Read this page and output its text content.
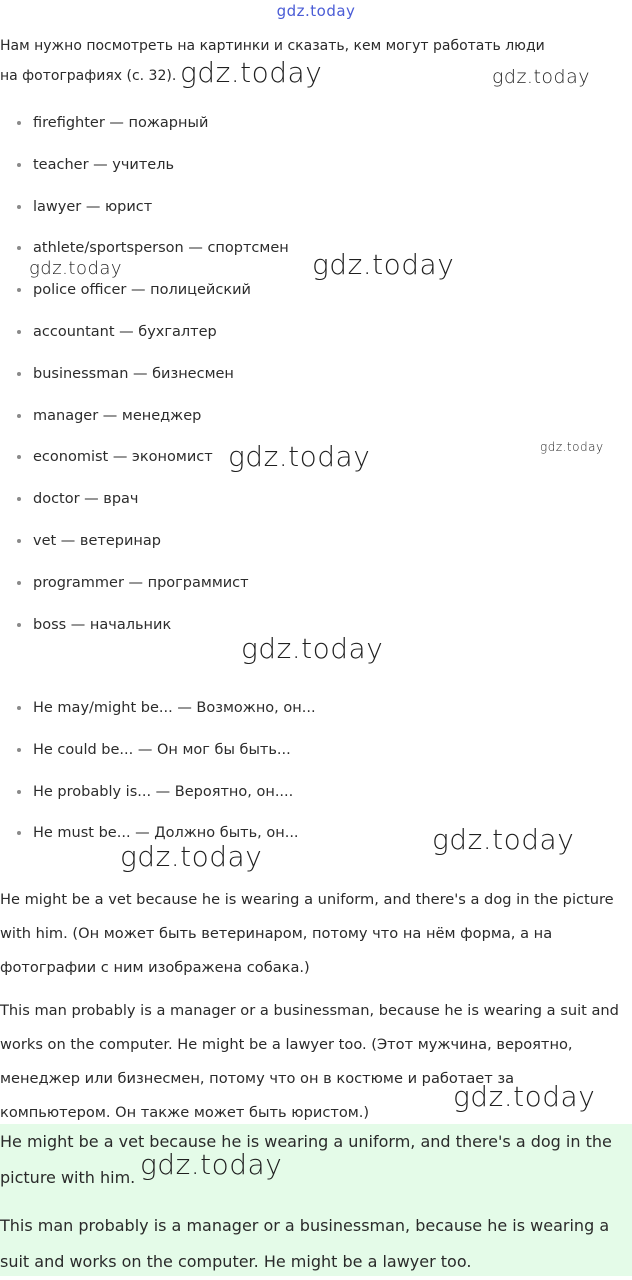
gdz.today
Нам нужно посмотреть на картинки и сказать, кем могут работать люди
на фотографиях (с. 32).
firefighter — пожарный
teacher — учитель
lawyer — юрист
athlete/sportsperson — спортсмен
police officer — полицейский
accountant — бухгалтер
businessman — бизнесмен
manager — менеджер
economist — экономист
doctor — врач
vet — ветеринар
programmer — программист
boss — начальник
He may/might be... — Возможно, он...
He could be... — Он мог бы быть...
He probably is... — Вероятно, он....
He must be... — Должно быть, он...

He might be a vet because he is wearing a uniform, and there's a dog in the picture with him. (Он может быть ветеринаром, потому что на нём форма, а на фотографии с ним изображена собака.)

This man probably is a manager or a businessman, because he is wearing a suit and works on the computer. He might be a lawyer too. (Этот мужчина, вероятно, менеджер или бизнесмен, потому что он в костюме и работает за компьютером. Он также может быть юристом.)

He might be a vet because he is wearing a uniform, and there's a dog in the picture with him.

This man probably is a manager or a businessman, because he is wearing a suit and works on the computer. He might be a lawyer too.

gdz.today	gdz.today
gdz.today	gdz.today
gdz.today
gdz.today
gdz.today
gdz.today
gdz.today
gdz.today
gdz.today
